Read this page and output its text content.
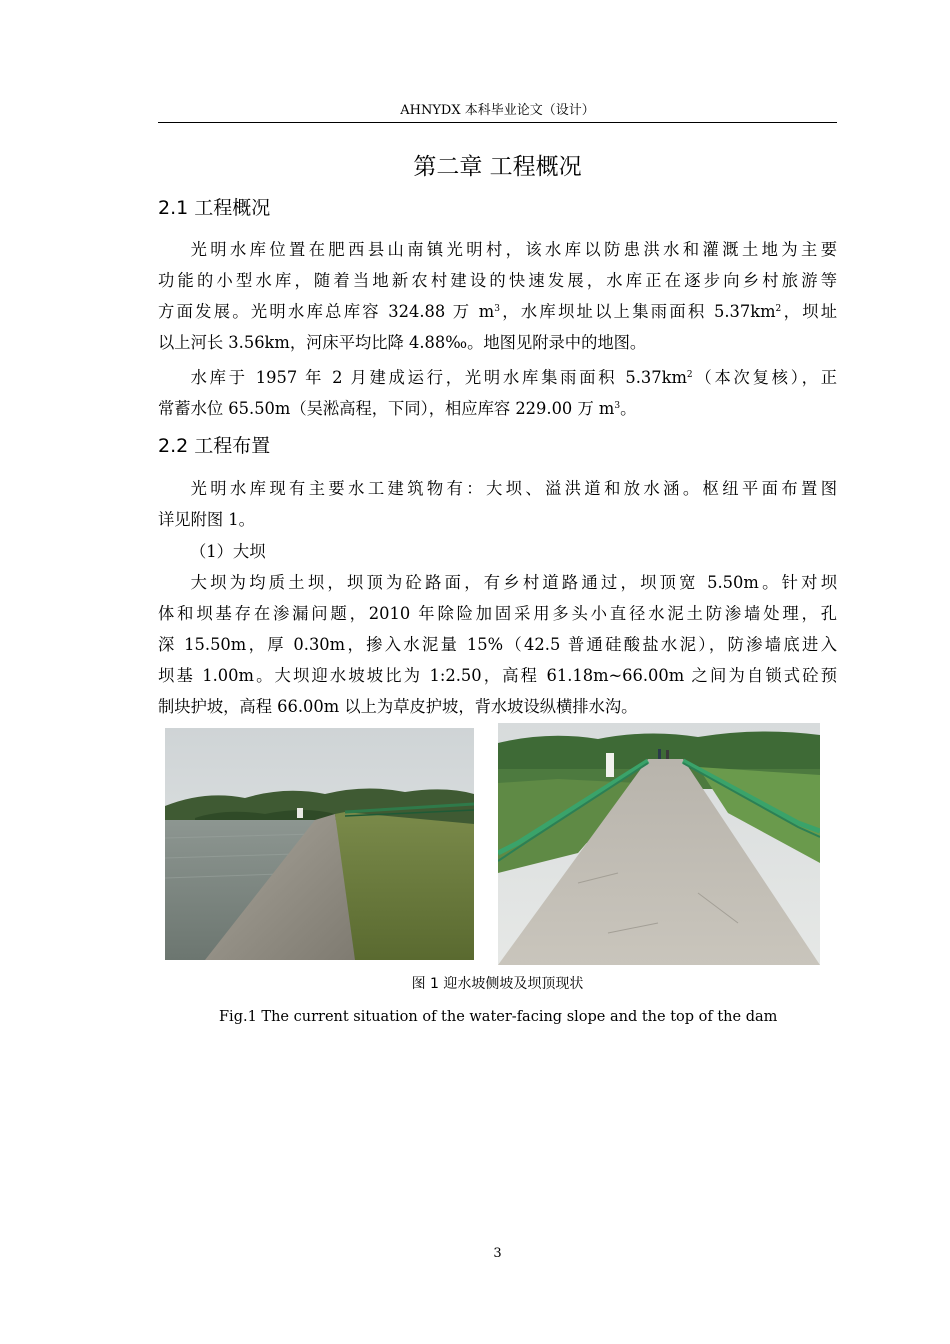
AHNYDX 本科毕业论文（设计）
第二章 工程概况
2.1 工程概况

光明水库位置在肥西县山南镇光明村，该水库以防患洪水和灌溉土地为主要
功能的小型水库，随着当地新农村建设的快速发展，水库正在逐步向乡村旅游等
方面发展。光明水库总库容 324.88 万 $m^3$，水库坝址以上集雨面积 $5.37km^2$，坝址
以上河长 3.56km，河床平均比降 4.88‰。地图见附录中的地图。

水库于 1957 年 2 月建成运行，光明水库集雨面积 $5.37km^2$（本次复核），正
常蓄水位 65.50m（吴淞高程，下同），相应库容 229.00 万 $m^3$。

2.2 工程布置

光明水库现有主要水工建筑物有：大坝、溢洪道和放水涵。枢纽平面布置图
详见附图 1。

（1）大坝

大坝为均质土坝，坝顶为砼路面，有乡村道路通过，坝顶宽 5.50m。针对坝
体和坝基存在渗漏问题，2010 年除险加固采用多头小直径水泥土防渗墙处理，孔
深 15.50m，厚 0.30m，掺入水泥量 15%（42.5 普通硅酸盐水泥），防渗墙底进入
坝基 1.00m。大坝迎水坡坡比为 1:2.50，高程 61.18m~66.00m 之间为自锁式砼预
制块护坡，高程 66.00m 以上为草皮护坡，背水坡设纵横排水沟。

图 1 迎水坡侧坡及坝顶现状
Fig.1 The current situation of the water-facing slope and the top of the dam
3
